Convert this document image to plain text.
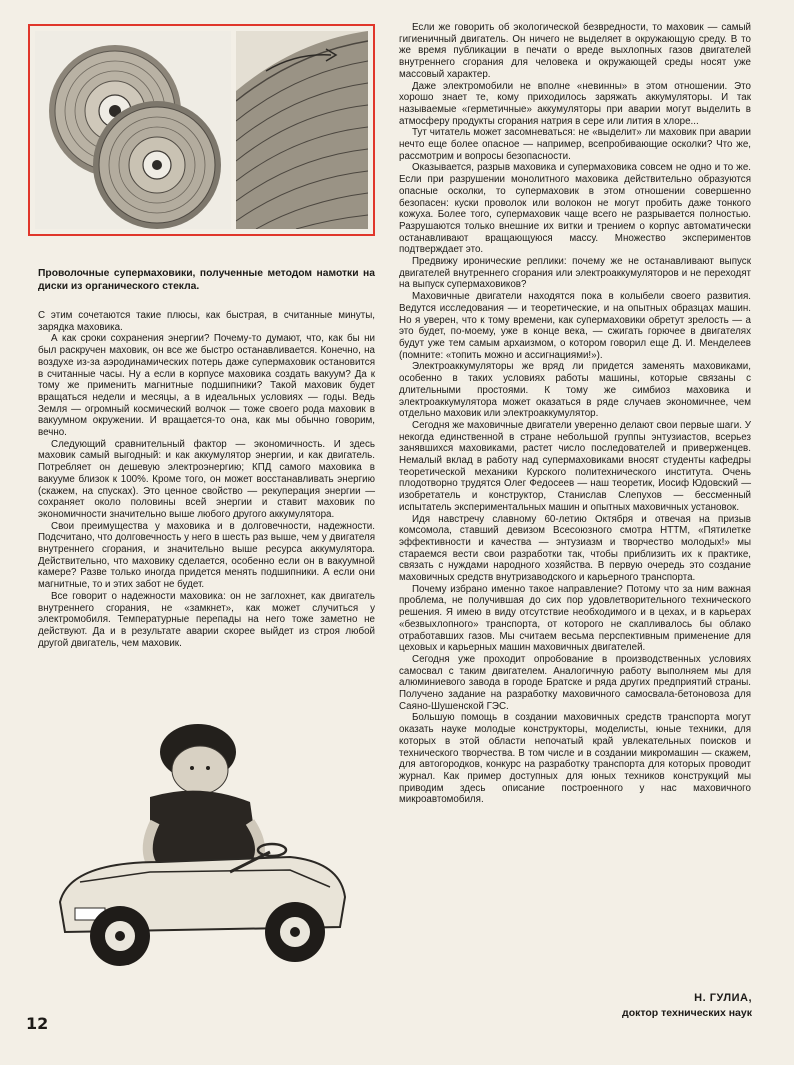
Проволочные супермаховики, полученные методом намотки на диски из органического стекла.

С этим сочетаются такие плюсы, как быстрая, в считанные минуты, зарядка маховика.

А как сроки сохранения энергии? Почему-то думают, что, как бы ни был раскручен маховик, он все же быстро останавливается. Конечно, на воздухе из-за аэродинамических потерь даже супермаховик остановится в считанные часы. Ну а если в корпусе маховика создать вакуум? Да к тому же применить магнитные подшипники? Такой маховик будет вращаться недели и месяцы, а в идеальных условиях — годы. Ведь Земля — огромный космический волчок — тоже своего рода маховик в вакуумном окружении. И вращается-то она, как мы обычно говорим, вечно.

Следующий сравнительный фактор — экономичность. И здесь маховик самый выгодный: и как аккумулятор энергии, и как двигатель. Потребляет он дешевую электроэнергию; КПД самого маховика в вакууме близок к 100%. Кроме того, он может восстанавливать энергию (скажем, на спусках). Это ценное свойство — рекуперация энергии — сохраняет около половины всей энергии и ставит маховик по экономичности значительно выше любого другого аккумулятора.

Свои преимущества у маховика и в долговечности, надежности. Подсчитано, что долговечность у него в шесть раз выше, чем у двигателя внутреннего сгорания, и значительно выше ресурса аккумулятора. Действительно, что маховику сделается, особенно если он в вакуумной камере? Разве только иногда придется менять подшипники. А если они магнитные, то и этих забот не будет.

Все говорит о надежности маховика: он не заглохнет, как двигатель внутреннего сгорания, не «замкнет», как может случиться у электромобиля. Температурные перепады на него тоже заметно не действуют. Да и в результате аварии скорее выйдет из строя любой другой двигатель, чем маховик.

Если же говорить об экологической безвредности, то маховик — самый гигиеничный двигатель. Он ничего не выделяет в окружающую среду. В то же время публикации в печати о вреде выхлопных газов двигателей внутреннего сгорания для человека и окружающей среды носят уже массовый характер.

Даже электромобили не вполне «невинны» в этом отношении. Это хорошо знает те, кому приходилось заряжать аккумуляторы. И так называемые «герметичные» аккумуляторы при аварии могут выделить в атмосферу продукты сгорания натрия в сере или лития в хлоре...

Тут читатель может засомневаться: не «выделит» ли маховик при аварии нечто еще более опасное — например, всепробивающие осколки? Что же, рассмотрим и вопросы безопасности.

Оказывается, разрыв маховика и супермаховика совсем не одно и то же. Если при разрушении монолитного маховика действительно образуются опасные осколки, то супермаховик в этом отношении совершенно безопасен: куски проволок или волокон не могут пробить даже тонкого кожуха. Более того, супермаховик чаще всего не разрывается полностью. Разрушаются только внешние их витки и трением о корпус автоматически останавливают вращающуюся массу. Множество экспериментов подтверждает это.

Предвижу иронические реплики: почему же не останавливают выпуск двигателей внутреннего сгорания или электроаккумуляторов и не переходят на выпуск супермаховиков?

Маховичные двигатели находятся пока в колыбели своего развития. Ведутся исследования — и теоретические, и на опытных образцах машин. Но я уверен, что к тому времени, как супермаховики обретут зрелость — а это будет, по-моему, уже в конце века, — сжигать горючее в двигателях будут уже тем самым архаизмом, о котором говорил еще Д. И. Менделеев (помните: «топить можно и ассигнациями!»).

Электроаккумуляторы же вряд ли придется заменять маховиками, особенно в таких условиях работы машины, которые связаны с длительными простоями. К тому же симбиоз маховика и электроаккумулятора может оказаться в ряде случаев экономичнее, чем отдельно маховик или электроаккумулятор.

Сегодня же маховичные двигатели уверенно делают свои первые шаги. У некогда единственной в стране небольшой группы энтузиастов, всерьез занявшихся маховиками, растет число последователей и приверженцев. Немалый вклад в работу над супермаховиками вносят студенты кафедры теоретической механики Курского политехнического института. Очень плодотворно трудятся Олег Федосеев — наш теоретик, Иосиф Юдовский — изобретатель и конструктор, Станислав Слепухов — бессменный испытатель экспериментальных машин и опытных маховичных установок.

Идя навстречу славному 60-летию Октября и отвечая на призыв комсомола, ставший девизом Всесоюзного смотра НТТМ, «Пятилетке эффективности и качества — энтузиазм и творчество молодых!» мы стараемся вести свои разработки так, чтобы приблизить их к практике, связать с нуждами народного хозяйства. В первую очередь это создание маховичных средств внутризаводского и карьерного транспорта.

Почему избрано именно такое направление? Потому что за ним важная проблема, не получившая до сих пор удовлетворительного технического решения. Я имею в виду отсутствие необходимого и в цехах, и в карьерах «безвыхлопного» транспорта, от которого не скапливалось бы облако отработавших газов. Мы считаем весьма перспективным применение для цеховых и карьерных машин маховичных двигателей.

Сегодня уже проходит опробование в производственных условиях самосвал с таким двигателем. Аналогичную работу выполняем мы для алюминиевого завода в городе Братске и ряда других предприятий страны. Получено задание на разработку маховичного самосвала-бетоновоза для Саяно-Шушенской ГЭС.

Большую помощь в создании маховичных средств транспорта могут оказать науке молодые конструкторы, моделисты, юные техники, для которых в этой области непочатый край увлекательных поисков и технического творчества. В том числе и в создании микромашин — скажем, для автогородков, конкурс на разработку транспорта для которых проводит журнал. Как пример доступных для юных техников конструкций мы приводим здесь описание построенного у нас маховичного микроавтомобиля.

Н. ГУЛИА,
доктор технических наук
12
